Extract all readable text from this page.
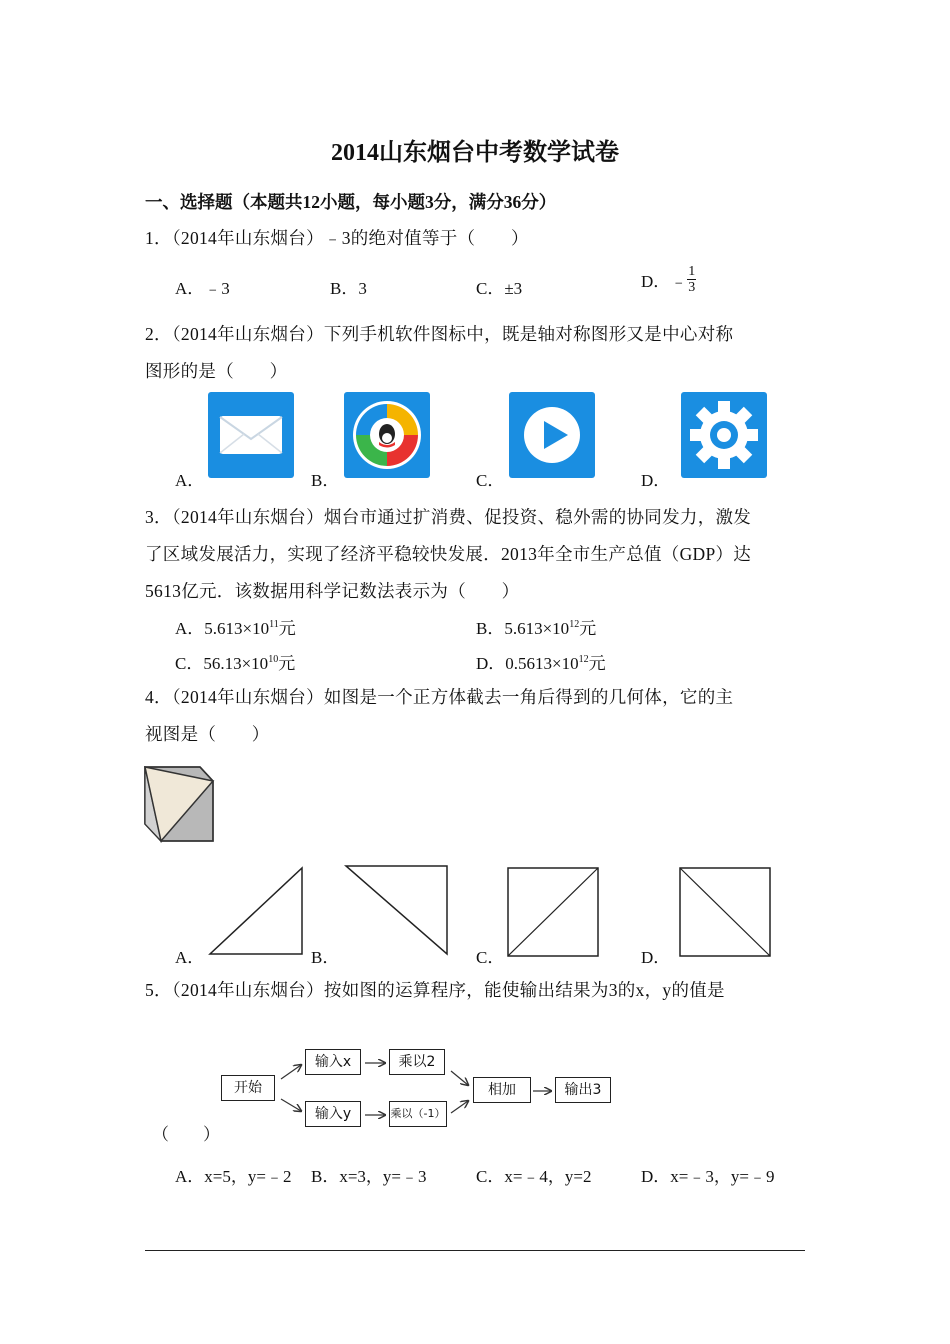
2014山东烟台中考数学试卷
一、选择题（本题共12小题，每小题3分，满分36分）
1．（2014年山东烟台）﹣3的绝对值等于（　　）
A．﹣3	B．3	C．±3	D．﹣ $\frac{1}{3}$
2．（2014年山东烟台）下列手机软件图标中，既是轴对称图形又是中心对称
图形的是（　　）
A．	B．	C．	D．
3．（2014年山东烟台）烟台市通过扩消费、促投资、稳外需的协同发力，激发
了区域发展活力，实现了经济平稳较快发展．2013年全市生产总值（GDP）达
5613亿元．该数据用科学记数法表示为（　　）
A．$5.613\times 10^{11}$元	B．$5.613\times 10^{12}$元
C．$56.13\times 10^{10}$元	D．$0.5613\times 10^{12}$元
4．（2014年山东烟台）如图是一个正方体截去一角后得到的几何体，它的主
视图是（　　）
A．	B．	C．	D．
5．（2014年山东烟台）按如图的运算程序，能使输出结果为3的x，y的值是
开始
输入x	乘以2
输入y	乘以（-1）
相加	输出3
（　　）
A．x=5，y=﹣2 B．x=3，y=﹣3	C．x=﹣4，y=2	D．x=﹣3，y=﹣9
